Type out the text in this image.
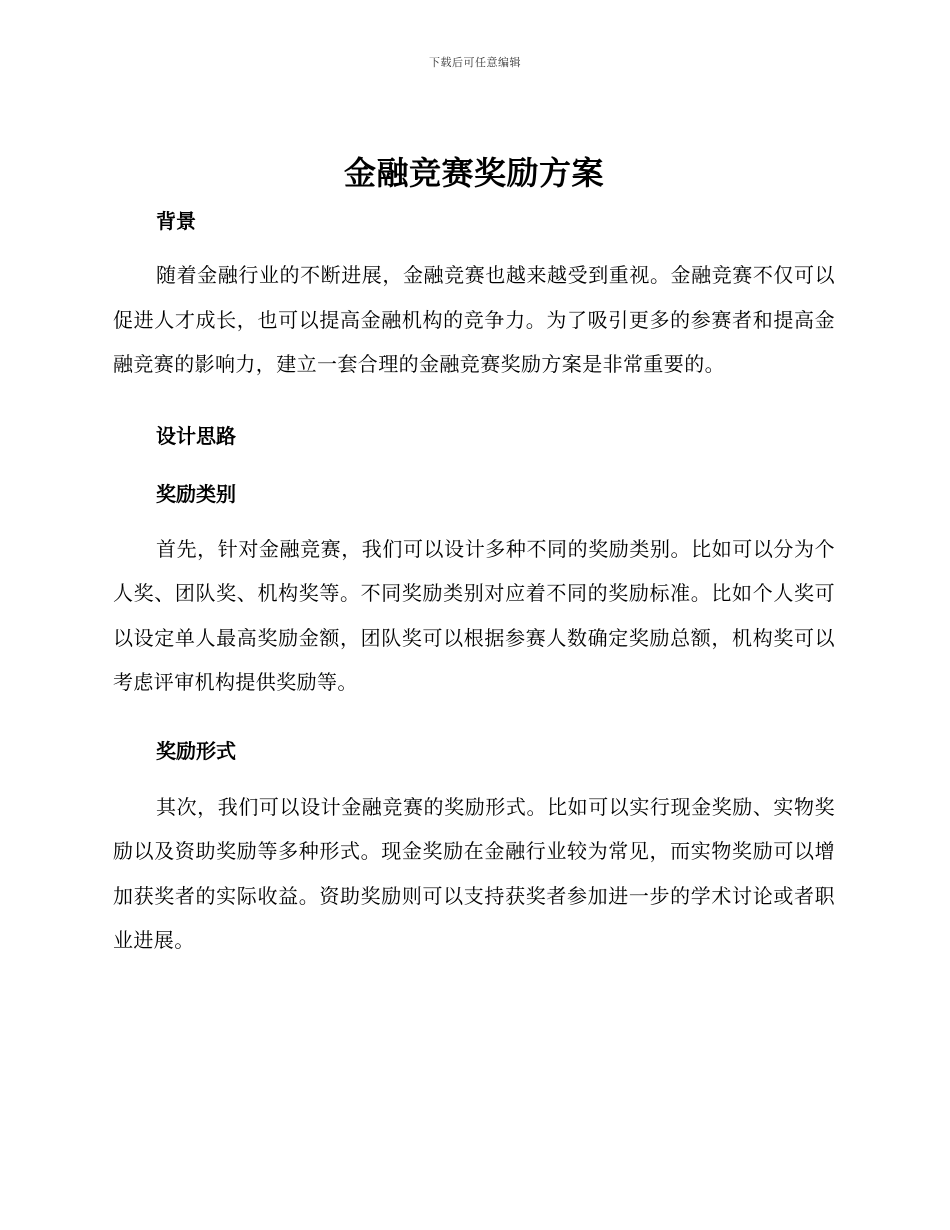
下载后可任意编辑
金融竞赛奖励方案
背景

随着金融行业的不断进展，金融竞赛也越来越受到重视。金融竞赛不仅可以促进人才成长，也可以提高金融机构的竞争力。为了吸引更多的参赛者和提高金融竞赛的影响力，建立一套合理的金融竞赛奖励方案是非常重要的。

设计思路
奖励类别

首先，针对金融竞赛，我们可以设计多种不同的奖励类别。比如可以分为个人奖、团队奖、机构奖等。不同奖励类别对应着不同的奖励标准。比如个人奖可以设定单人最高奖励金额，团队奖可以根据参赛人数确定奖励总额，机构奖可以考虑评审机构提供奖励等。

奖励形式

其次，我们可以设计金融竞赛的奖励形式。比如可以实行现金奖励、实物奖励以及资助奖励等多种形式。现金奖励在金融行业较为常见，而实物奖励可以增加获奖者的实际收益。资助奖励则可以支持获奖者参加进一步的学术讨论或者职业进展。
